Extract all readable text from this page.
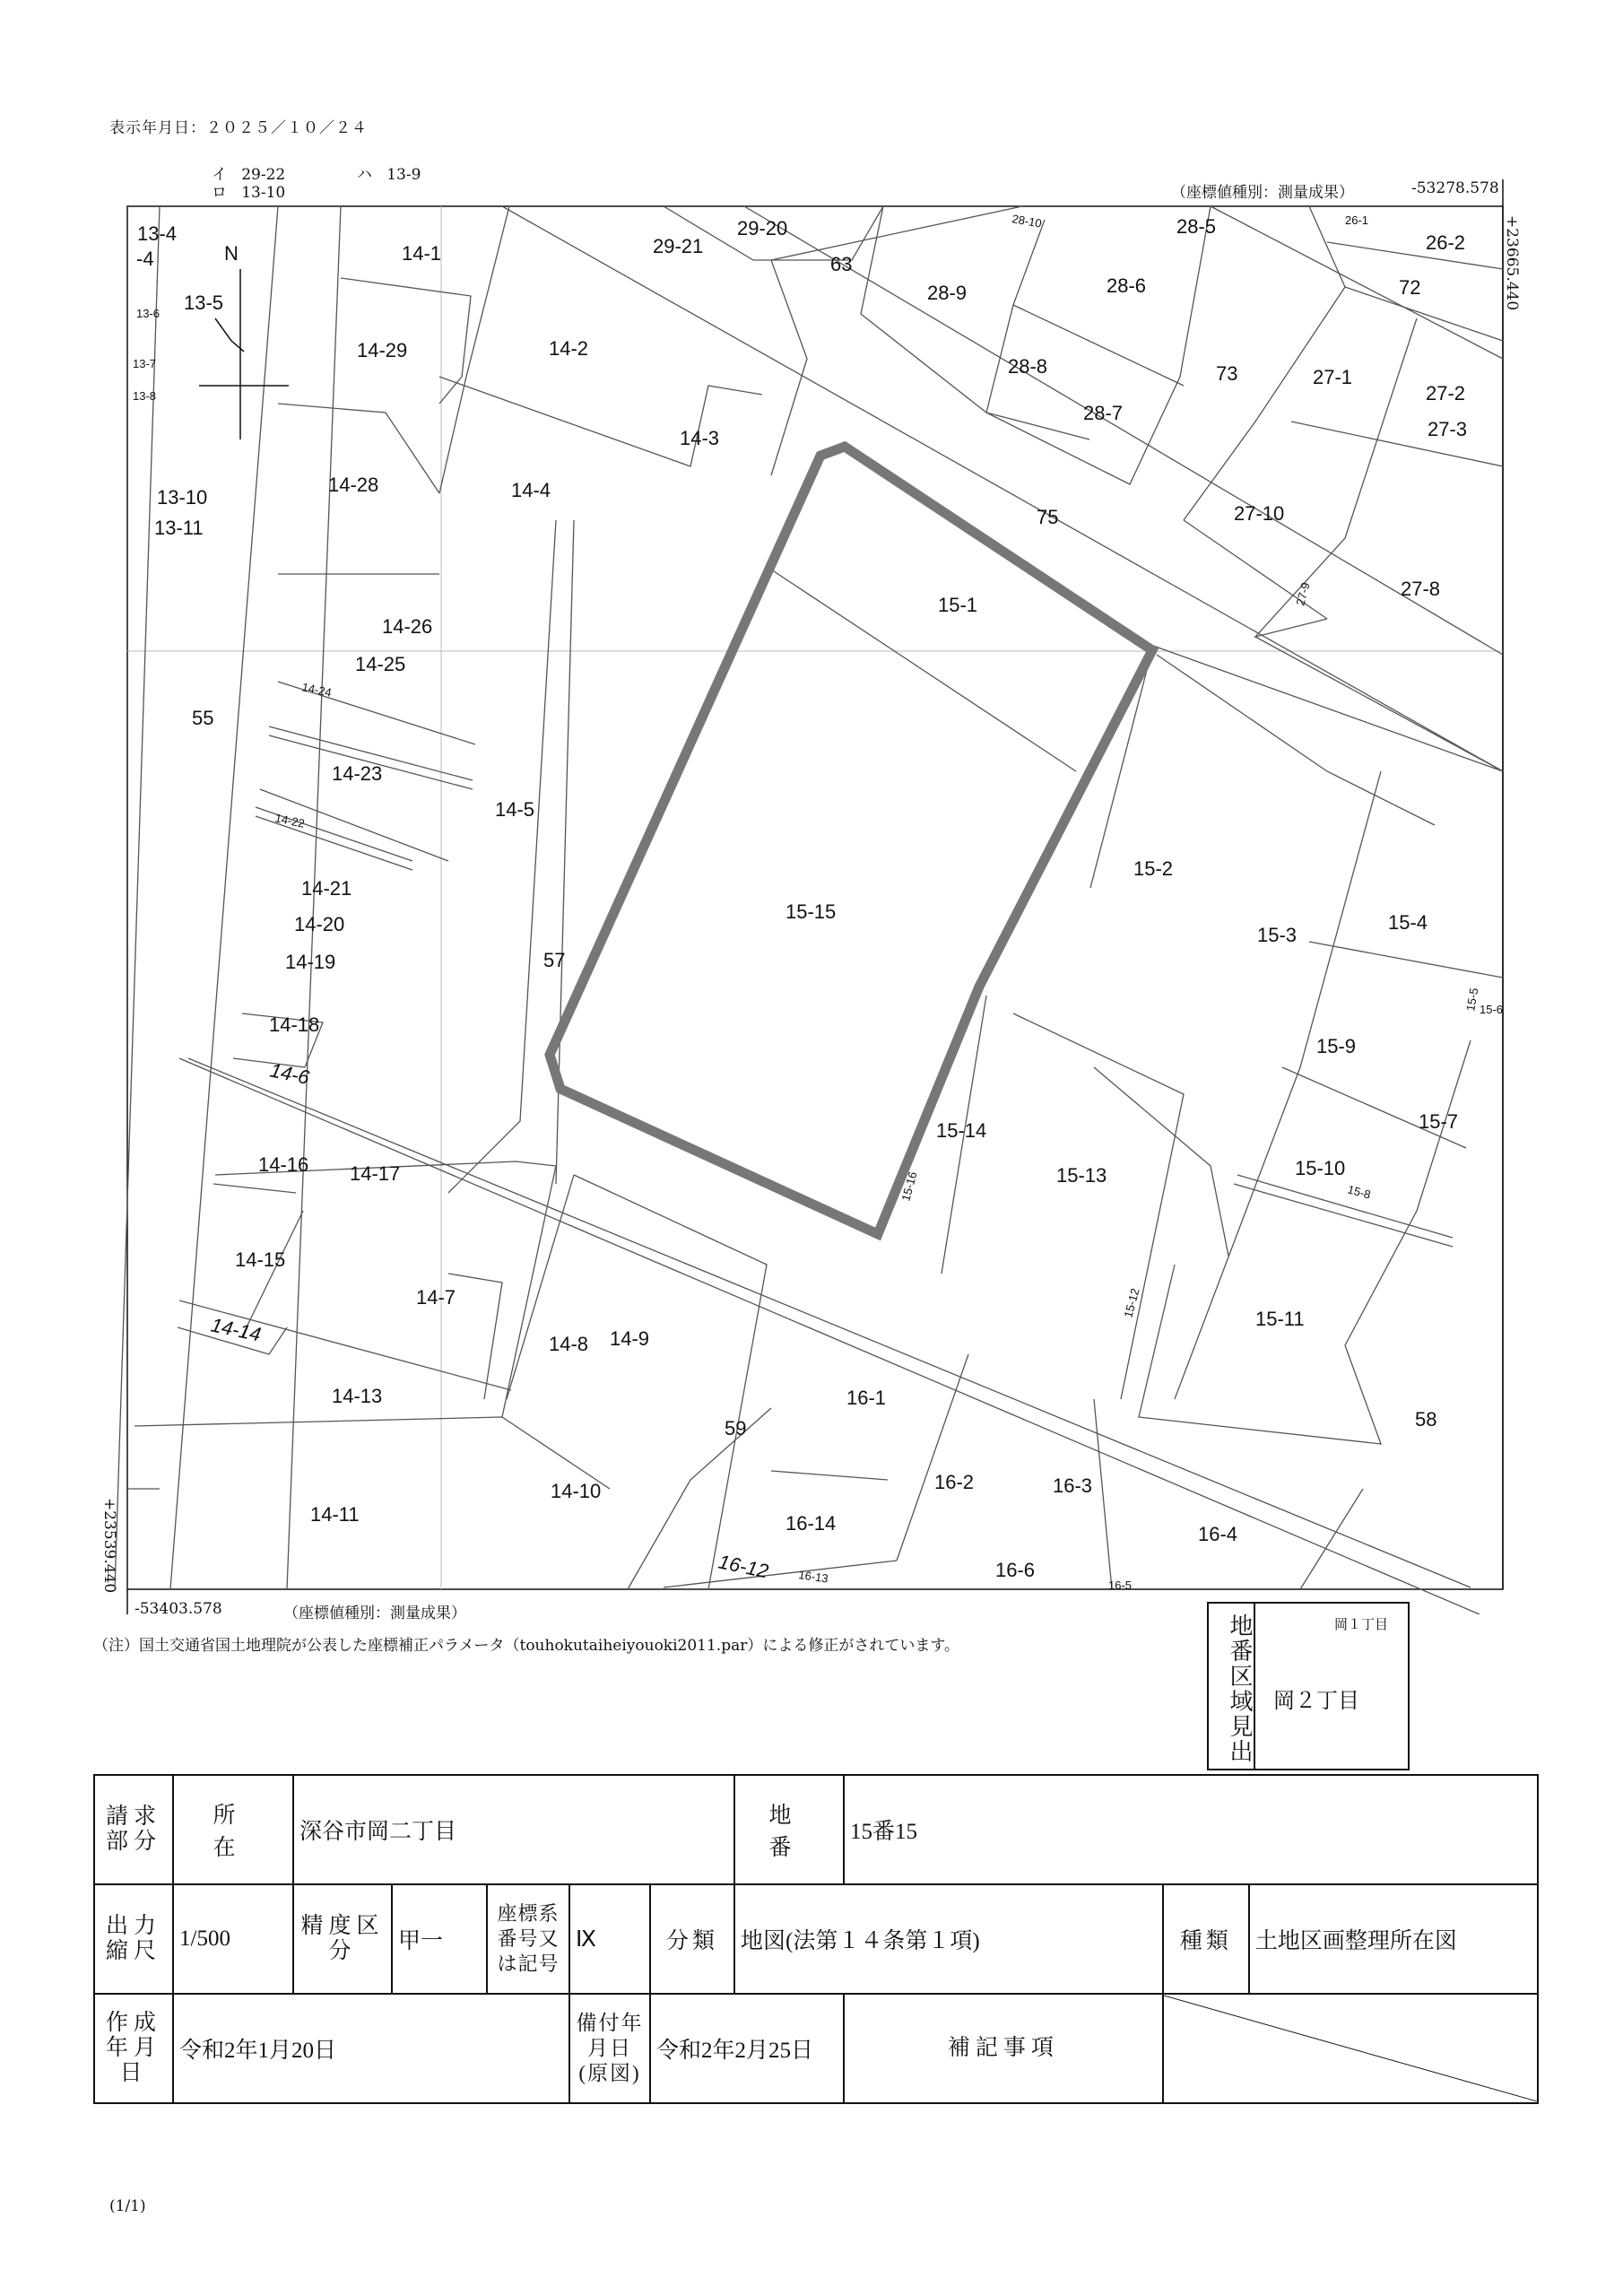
表示年月日：２０２５／１０／２４
イ 29-22
ロ 13-10
ハ 13-9
（座標値種別：測量成果）	-53278.578
+23665.440
-53403.578	（座標値種別：測量成果）
+23539.440
N
13-4
-4
13-5
13-6
13-7
13-8
13-10
13-11
14-1
14-29	14-2
14-3
14-4
14-28
14-26
14-25
14-24
14-23
14-22
14-21
14-20
14-19
14-18
14-6
14-5
14-16 14-17
14-15
14-7
14-14	14-8 14-9
14-13
14-10
14-11
29-21
29-20
63
28-10	28-5	26-1
26-2
28-9	28-6	72
28-8
28-7
73	27-1
27-2
27-3
75	27-10
27-9	27-8
55
57
15-1
15-15
15-2
15-3
15-4
15-5
15-6
15-9
15-7
15-14
15-16	15-13	15-10
15-8
15-12	15-11
58
16-1
59
16-2	16-3
16-14	16-4
16-12 16-13	16-6
16-5
（注）国土交通省国土地理院が公表した座標補正パラメータ（touhokutaiheiyouoki2011.par）による修正がされています。	地番区域見出	岡１丁目
岡２丁目
請求部分	所　在	深谷市岡二丁目					地　番	15番15		
出力縮尺	1/500	精度区分	甲一	座標系番号又は記号	Ⅸ	分類	地図(法第１４条第１項)		種類	土地区画整理所在図
作成年月日	令和2年1月20日				備付年月日(原図)	令和2年2月25日		補記事項	
(1/1)
